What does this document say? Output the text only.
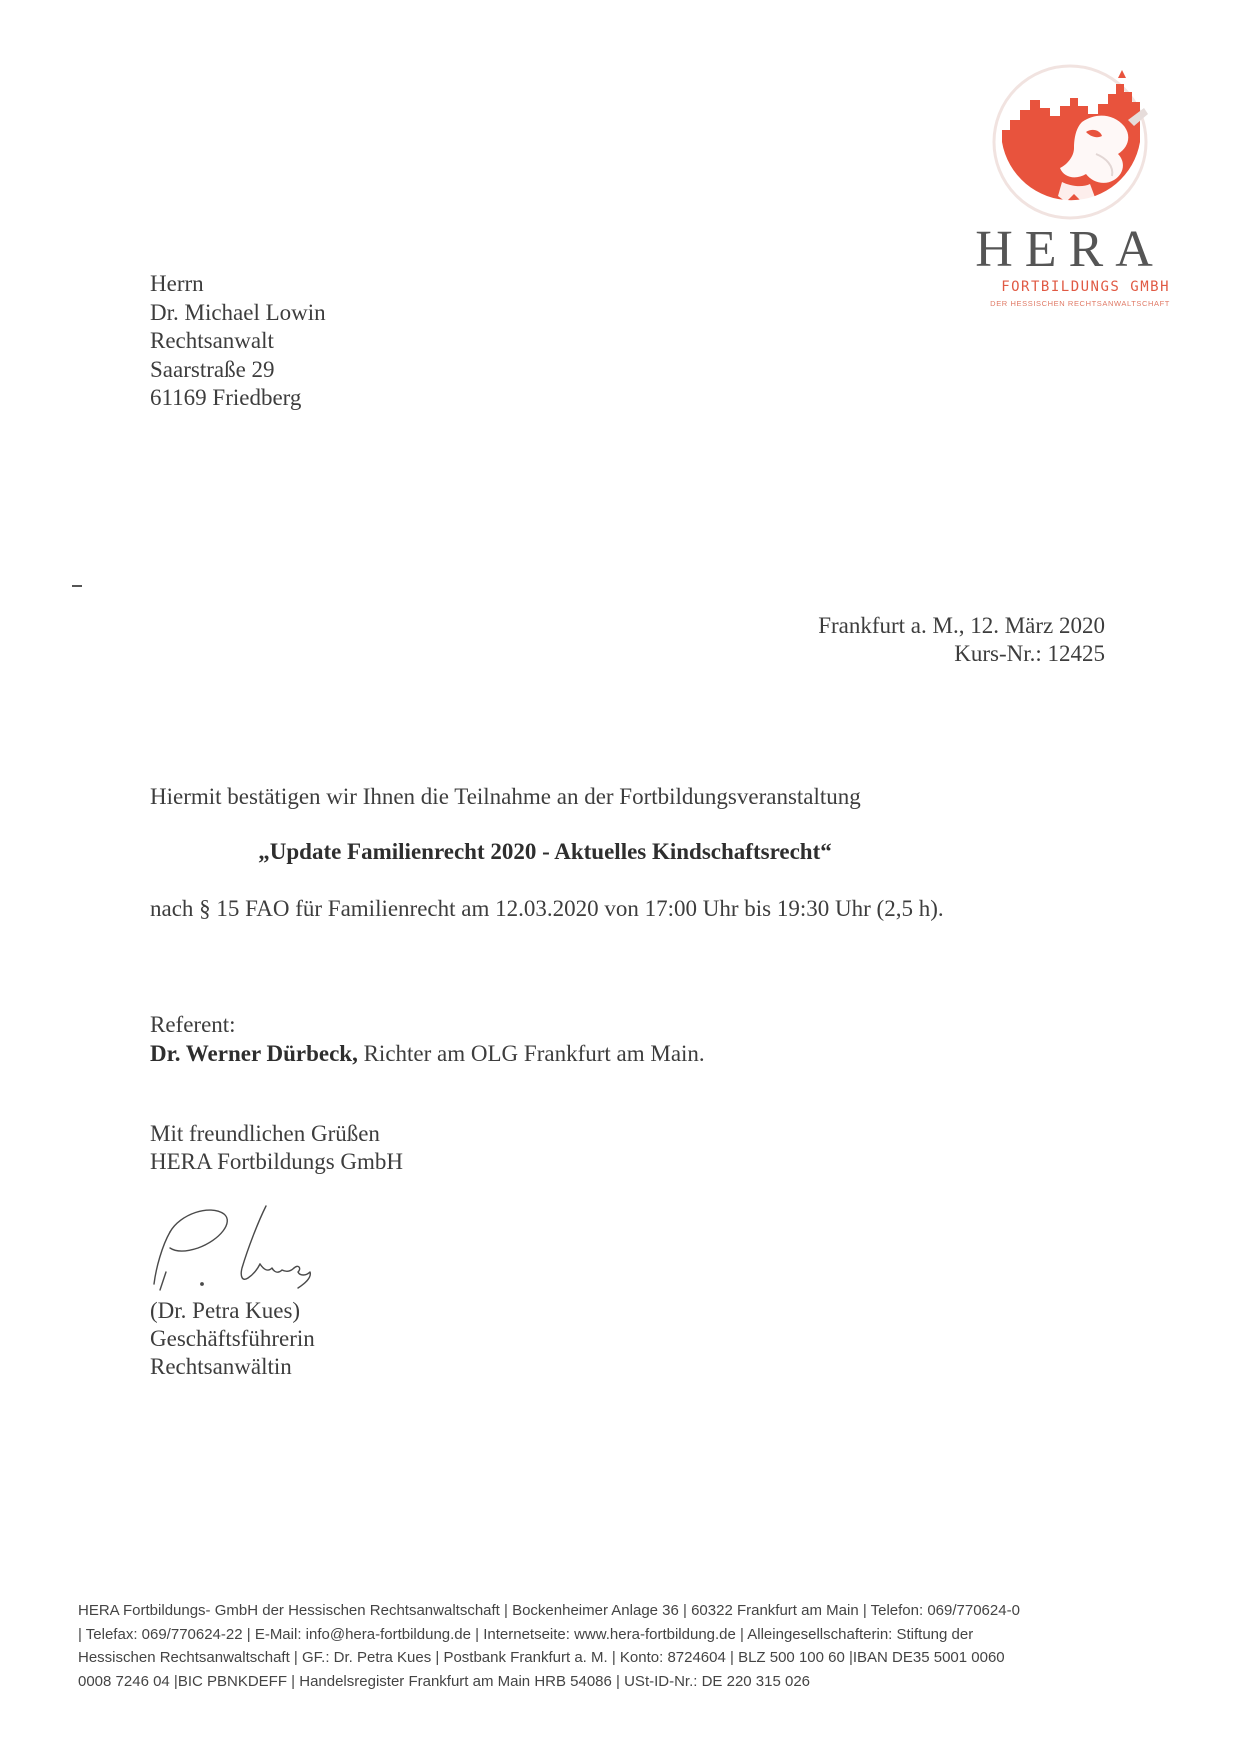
HERA
FORTBILDUNGS GMBH
DER HESSISCHEN RECHTSANWALTSCHAFT
Herrn
Dr. Michael Lowin
Rechtsanwalt
Saarstraße 29
61169 Friedberg
Frankfurt a. M., 12. März 2020
Kurs-Nr.: 12425
Hiermit bestätigen wir Ihnen die Teilnahme an der Fortbildungsveranstaltung
„Update Familienrecht 2020 - Aktuelles Kindschaftsrecht“
nach § 15 FAO für Familienrecht am 12.03.2020 von 17:00 Uhr bis 19:30 Uhr (2,5 h).
Referent:
Dr. Werner Dürbeck, Richter am OLG Frankfurt am Main.
Mit freundlichen Grüßen
HERA Fortbildungs GmbH
(Dr. Petra Kues)
Geschäftsführerin
Rechtsanwältin
HERA Fortbildungs- GmbH der Hessischen Rechtsanwaltschaft | Bockenheimer Anlage 36 | 60322 Frankfurt am Main | Telefon: 069/770624-0
| Telefax: 069/770624-22 | E-Mail: info@hera-fortbildung.de | Internetseite: www.hera-fortbildung.de | Alleingesellschafterin: Stiftung der
Hessischen Rechtsanwaltschaft | GF.: Dr. Petra Kues | Postbank Frankfurt a. M. | Konto: 8724604 | BLZ 500 100 60 |IBAN DE35 5001 0060
0008 7246 04 |BIC PBNKDEFF | Handelsregister Frankfurt am Main HRB 54086 | USt-ID-Nr.: DE 220 315 026
